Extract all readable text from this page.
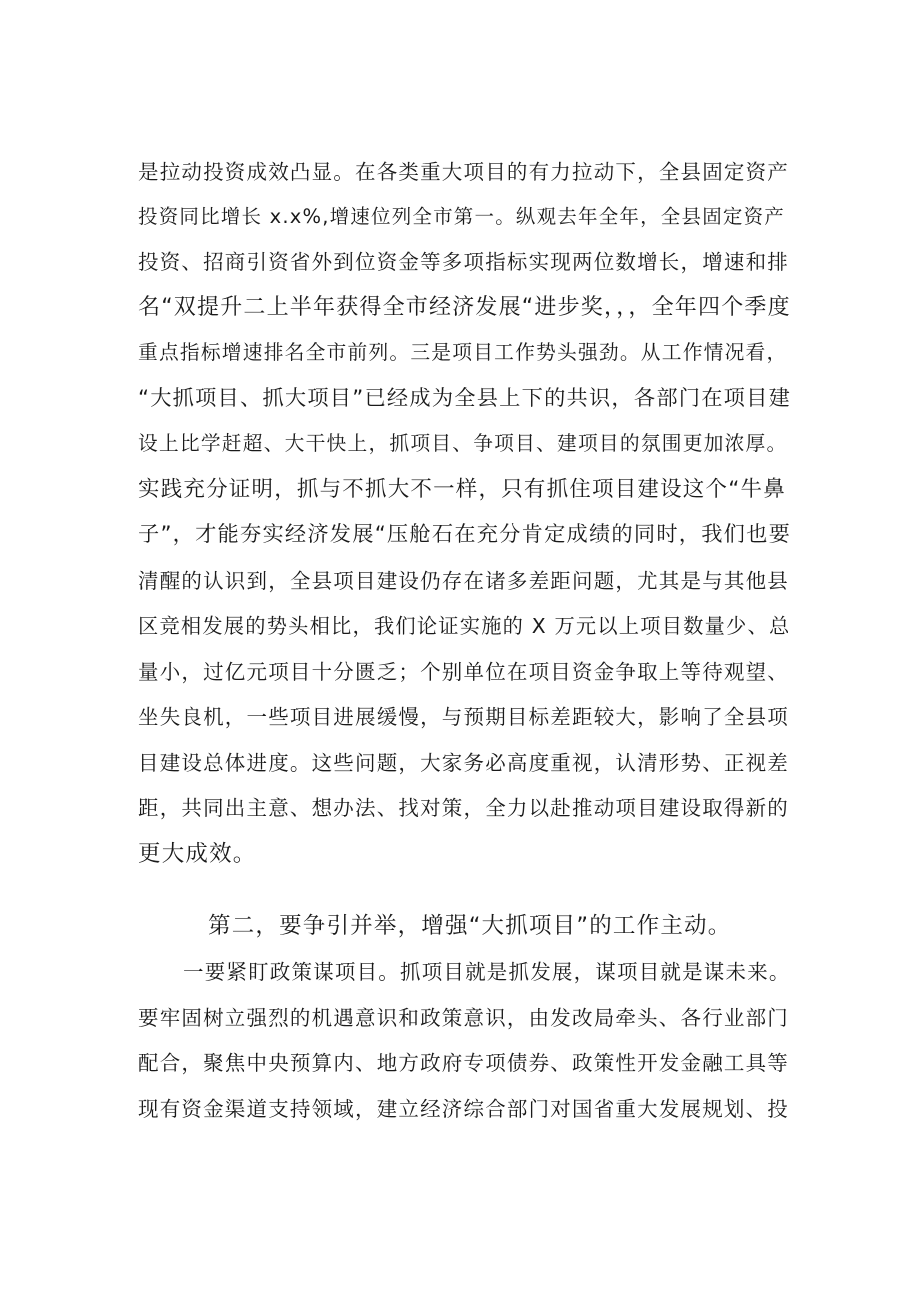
是拉动投资成效凸显。在各类重大项目的有力拉动下，全县固定资产
投资同比增长 x.x%,增速位列全市第一。纵观去年全年，全县固定资产
投资、招商引资省外到位资金等多项指标实现两位数增长，增速和排
名“双提升二上半年获得全市经济发展“进步奖，，，全年四个季度
重点指标增速排名全市前列。三是项目工作势头强劲。从工作情况看，
“大抓项目、抓大项目”已经成为全县上下的共识，各部门在项目建
设上比学赶超、大干快上，抓项目、争项目、建项目的氛围更加浓厚。
实践充分证明，抓与不抓大不一样，只有抓住项目建设这个“牛鼻
子”，才能夯实经济发展“压舱石在充分肯定成绩的同时，我们也要
清醒的认识到，全县项目建设仍存在诸多差距问题，尤其是与其他县
区竞相发展的势头相比，我们论证实施的 X 万元以上项目数量少、总
量小，过亿元项目十分匮乏；个别单位在项目资金争取上等待观望、
坐失良机，一些项目进展缓慢，与预期目标差距较大，影响了全县项
目建设总体进度。这些问题，大家务必高度重视，认清形势、正视差
距，共同出主意、想办法、找对策，全力以赴推动项目建设取得新的
更大成效。
第二，要争引并举，增强“大抓项目”的工作主动。
一要紧盯政策谋项目。抓项目就是抓发展，谋项目就是谋未来。
要牢固树立强烈的机遇意识和政策意识，由发改局牵头、各行业部门
配合，聚焦中央预算内、地方政府专项债券、政策性开发金融工具等
现有资金渠道支持领域，建立经济综合部门对国省重大发展规划、投
